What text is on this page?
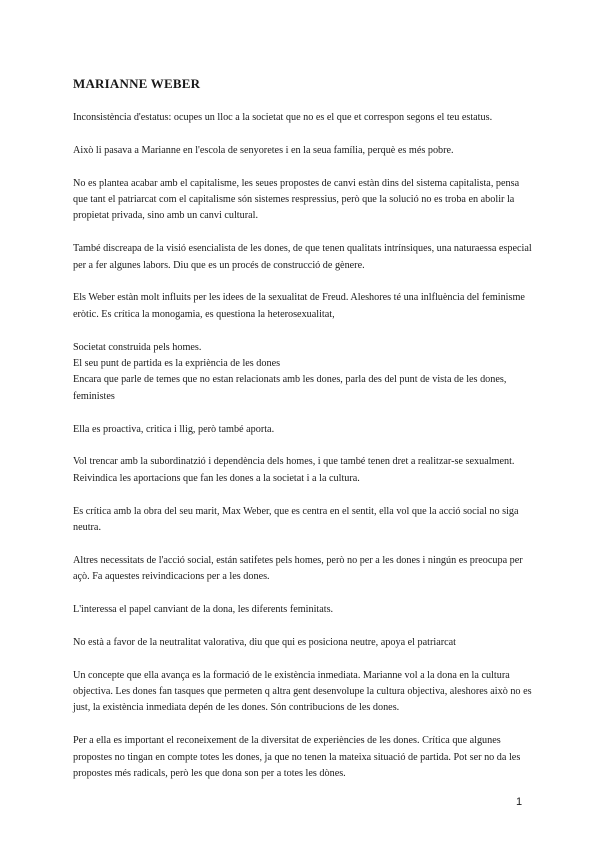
MARIANNE WEBER

Inconsistència d'estatus: ocupes un lloc a la societat que no es el que et correspon segons el teu estatus.

Això li pasava a Marianne en l'escola de senyoretes i en la seua família, perquè es més pobre.

No es plantea acabar amb el capitalisme, les seues propostes de canvi estàn dins del sistema capitalista, pensa que tant el patriarcat com el capitalisme són sistemes respressius, però que la solució no es troba en abolir la propietat privada, sino amb un canvi cultural.

També discreapa de la visió esencialista de les dones, de que tenen qualitats intrínsiques, una naturaessa especial per a fer algunes labors. Diu que es un procés de construcció de gènere.

Els Weber estàn molt influits per les idees de la sexualitat de Freud. Aleshores té una inlfluència del feminisme eròtic. Es crítica la monogamia, es questiona la heterosexualitat,

Societat construida pels homes.
El seu punt de partida es la expriència de les dones
Encara que parle de temes que no estan relacionats amb les dones, parla des del punt de vista de les dones, feministes

Ella es proactiva, critica i llig, però també aporta.

Vol trencar amb la subordinatzió i dependència dels homes, i que també tenen dret a realitzar-se sexualment. Reivindica les aportacions que fan les dones a la societat i a la cultura.

Es crítica amb la obra del seu marit, Max Weber, que es centra en el sentit, ella vol que la acció social no siga neutra.

Altres necessitats de l'acció social, están satifetes pels homes, però no per a les dones i ningún es preocupa per açò. Fa aquestes reivindicacions per a les dones.

L'interessa el papel canviant de la dona, les diferents feminitats.

No està a favor de la neutralitat valorativa, diu que qui es posiciona neutre, apoya el patriarcat

Un concepte que ella avança es la formació de le existència inmediata. Marianne vol a la dona en la cultura objectiva. Les dones fan tasques que permeten q altra gent desenvolupe la cultura objectiva, aleshores això no es just, la existència inmediata depén de les dones. Són contribucions de les dones.

Per a ella es important el reconeixement de la diversitat de experiències de les dones. Crítica que algunes propostes no tingan en compte totes les dones, ja que no tenen la mateixa situació de partida. Pot ser no da les propostes més radicals, però les que dona son per a totes les dònes.

1
